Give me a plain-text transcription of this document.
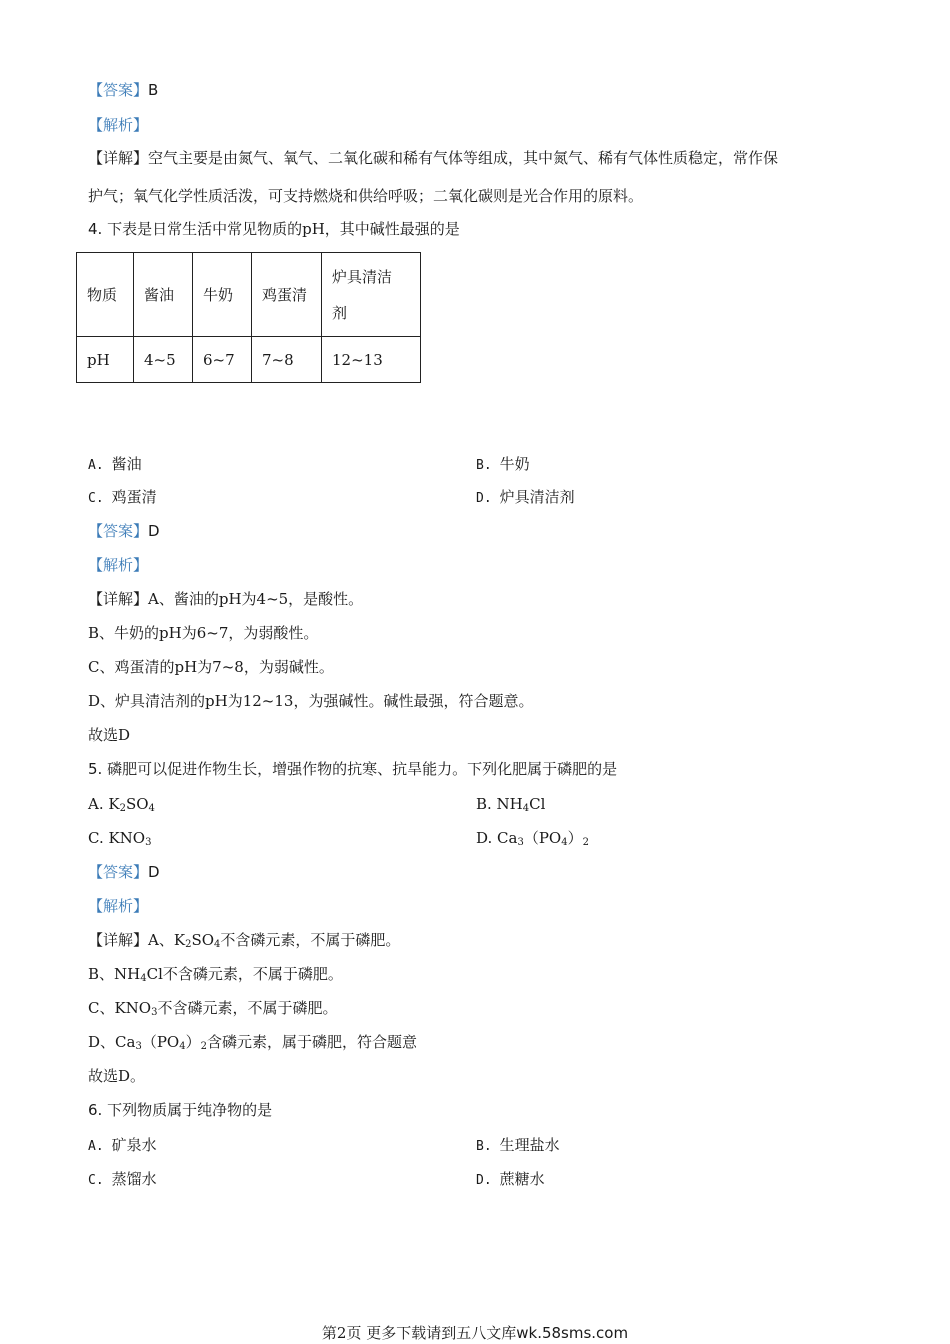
【答案】B
【解析】
【详解】空气主要是由氮气、氧气、二氧化碳和稀有气体等组成，其中氮气、稀有气体性质稳定，常作保
护气；氧气化学性质活泼，可支持燃烧和供给呼吸；二氧化碳则是光合作用的原料。
4. 下表是日常生活中常见物质的pH，其中碱性最强的是
物质	酱油	牛奶	鸡蛋清	炉具清洁
剂

pH	4~5	6~7	7~8	12~13
A. 酱油	B. 牛奶
C. 鸡蛋清	D. 炉具清洁剂
【答案】D
【解析】
【详解】A、酱油的pH为4~5，是酸性。
B、牛奶的pH为6~7，为弱酸性。
C、鸡蛋清的pH为7~8，为弱碱性。
D、炉具清洁剂的pH为12~13，为强碱性。碱性最强，符合题意。
故选D
5. 磷肥可以促进作物生长，增强作物的抗寒、抗旱能力。下列化肥属于磷肥的是
A. $K_2SO_4$	B. $NH_4Cl$
C. $KNO_3$	D. $Ca_3(PO_4)_2$
【答案】D
【解析】
【详解】A、$K_2SO_4$不含磷元素，不属于磷肥。
B、$NH_4Cl$不含磷元素，不属于磷肥。
C、$KNO_3$不含磷元素，不属于磷肥。
D、$Ca_3(PO_4)_2$含磷元素，属于磷肥，符合题意
故选D。
6. 下列物质属于纯净物的是
A. 矿泉水	B. 生理盐水
C. 蒸馏水	D. 蔗糖水
第2页 更多下载请到五八文库wk.58sms.com
